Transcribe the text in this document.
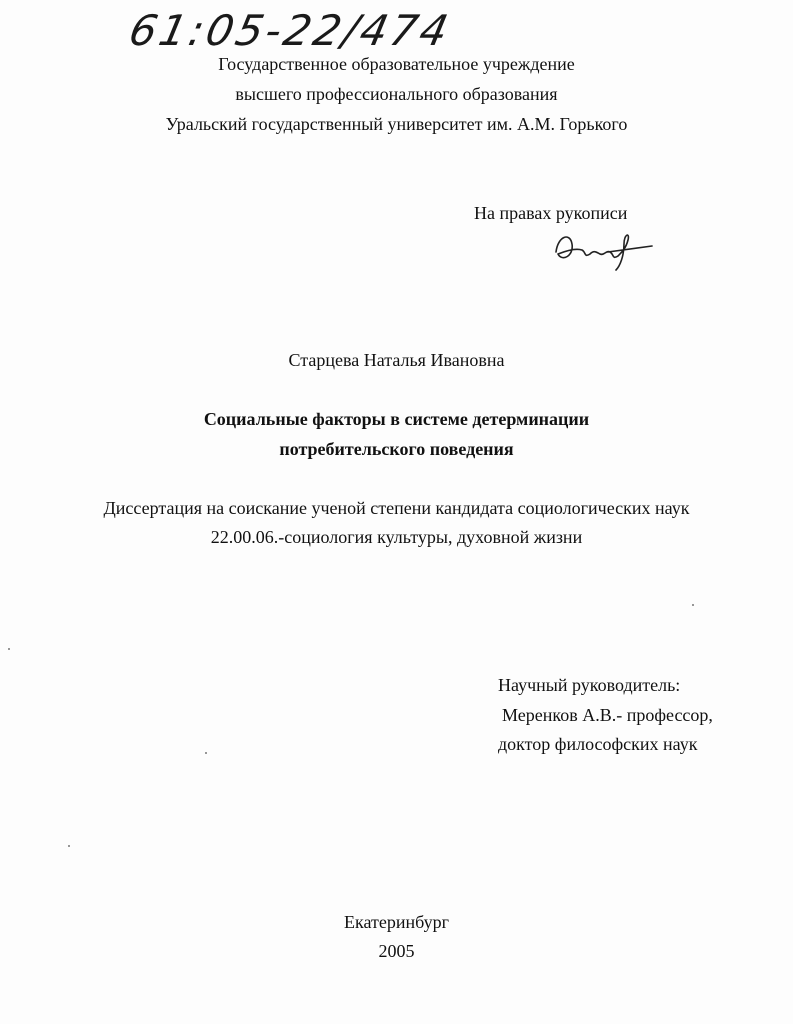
61:05-22/474
Государственное образовательное учреждение
высшего профессионального образования
Уральский государственный университет им. А.М. Горького
На правах рукописи
Старцева Наталья Ивановна
Социальные факторы в системе детерминации
потребительского поведения
Диссертация на соискание ученой степени кандидата социологических наук
22.00.06.-социология культуры, духовной жизни
Научный руководитель:
Меренков А.В.- профессор,
доктор философских наук
Екатеринбург
2005
